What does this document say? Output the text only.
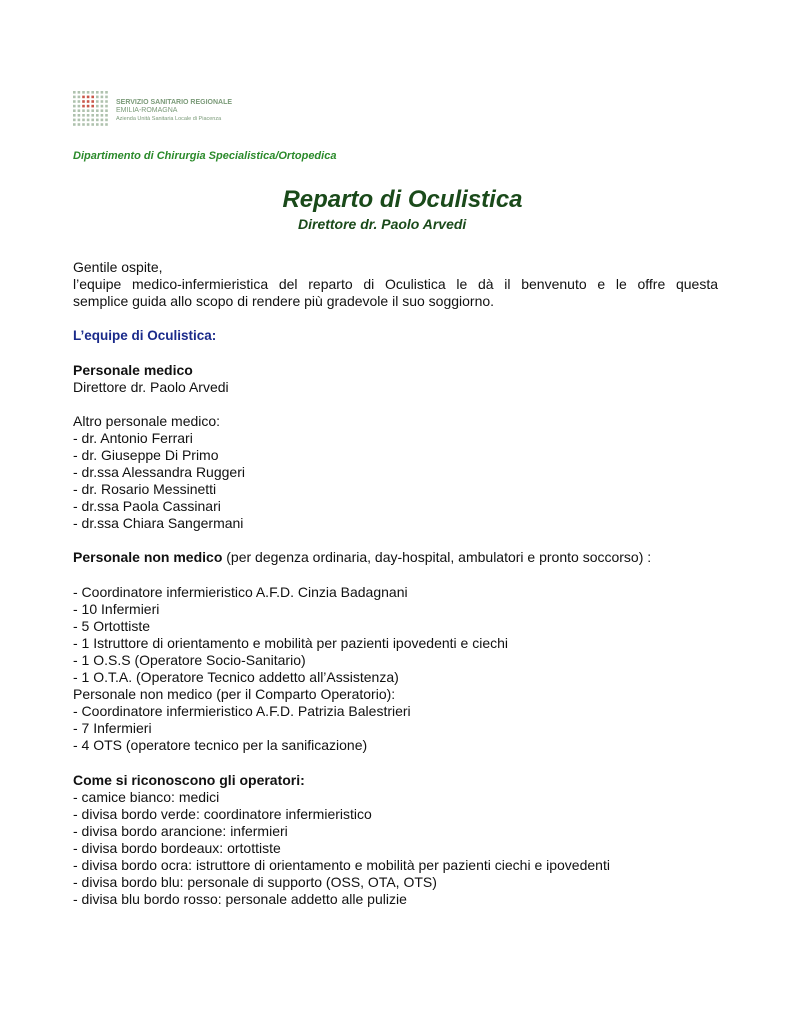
SERVIZIO SANITARIO REGIONALE
EMILIA-ROMAGNA
Azienda Unità Sanitaria Locale di Piacenza
Dipartimento di Chirurgia Specialistica/Ortopedica
Reparto di Oculistica
Direttore dr. Paolo Arvedi
Gentile ospite,
l’equipe medico-infermieristica del reparto di Oculistica le dà il benvenuto e le offre questa
semplice guida allo scopo di rendere più gradevole il suo soggiorno.
L’equipe di Oculistica:
Personale medico
Direttore dr. Paolo Arvedi
Altro personale medico:
- dr. Antonio Ferrari
- dr. Giuseppe Di Primo
- dr.ssa Alessandra Ruggeri
- dr. Rosario Messinetti
- dr.ssa Paola Cassinari
- dr.ssa Chiara Sangermani
Personale non medico (per degenza ordinaria, day-hospital, ambulatori e pronto soccorso) :
- Coordinatore infermieristico A.F.D. Cinzia Badagnani
- 10 Infermieri
- 5 Ortottiste
- 1 Istruttore di orientamento e mobilità per pazienti ipovedenti e ciechi
- 1 O.S.S (Operatore Socio-Sanitario)
- 1 O.T.A. (Operatore Tecnico addetto all’Assistenza)
Personale non medico (per il Comparto Operatorio):
- Coordinatore infermieristico A.F.D. Patrizia Balestrieri
- 7 Infermieri
- 4 OTS (operatore tecnico per la sanificazione)
Come si riconoscono gli operatori:
- camice bianco: medici
- divisa bordo verde: coordinatore infermieristico
- divisa bordo arancione: infermieri
- divisa bordo bordeaux: ortottiste
- divisa bordo ocra: istruttore di orientamento e mobilità per pazienti ciechi e ipovedenti
- divisa bordo blu: personale di supporto (OSS, OTA, OTS)
- divisa blu bordo rosso: personale addetto alle pulizie
